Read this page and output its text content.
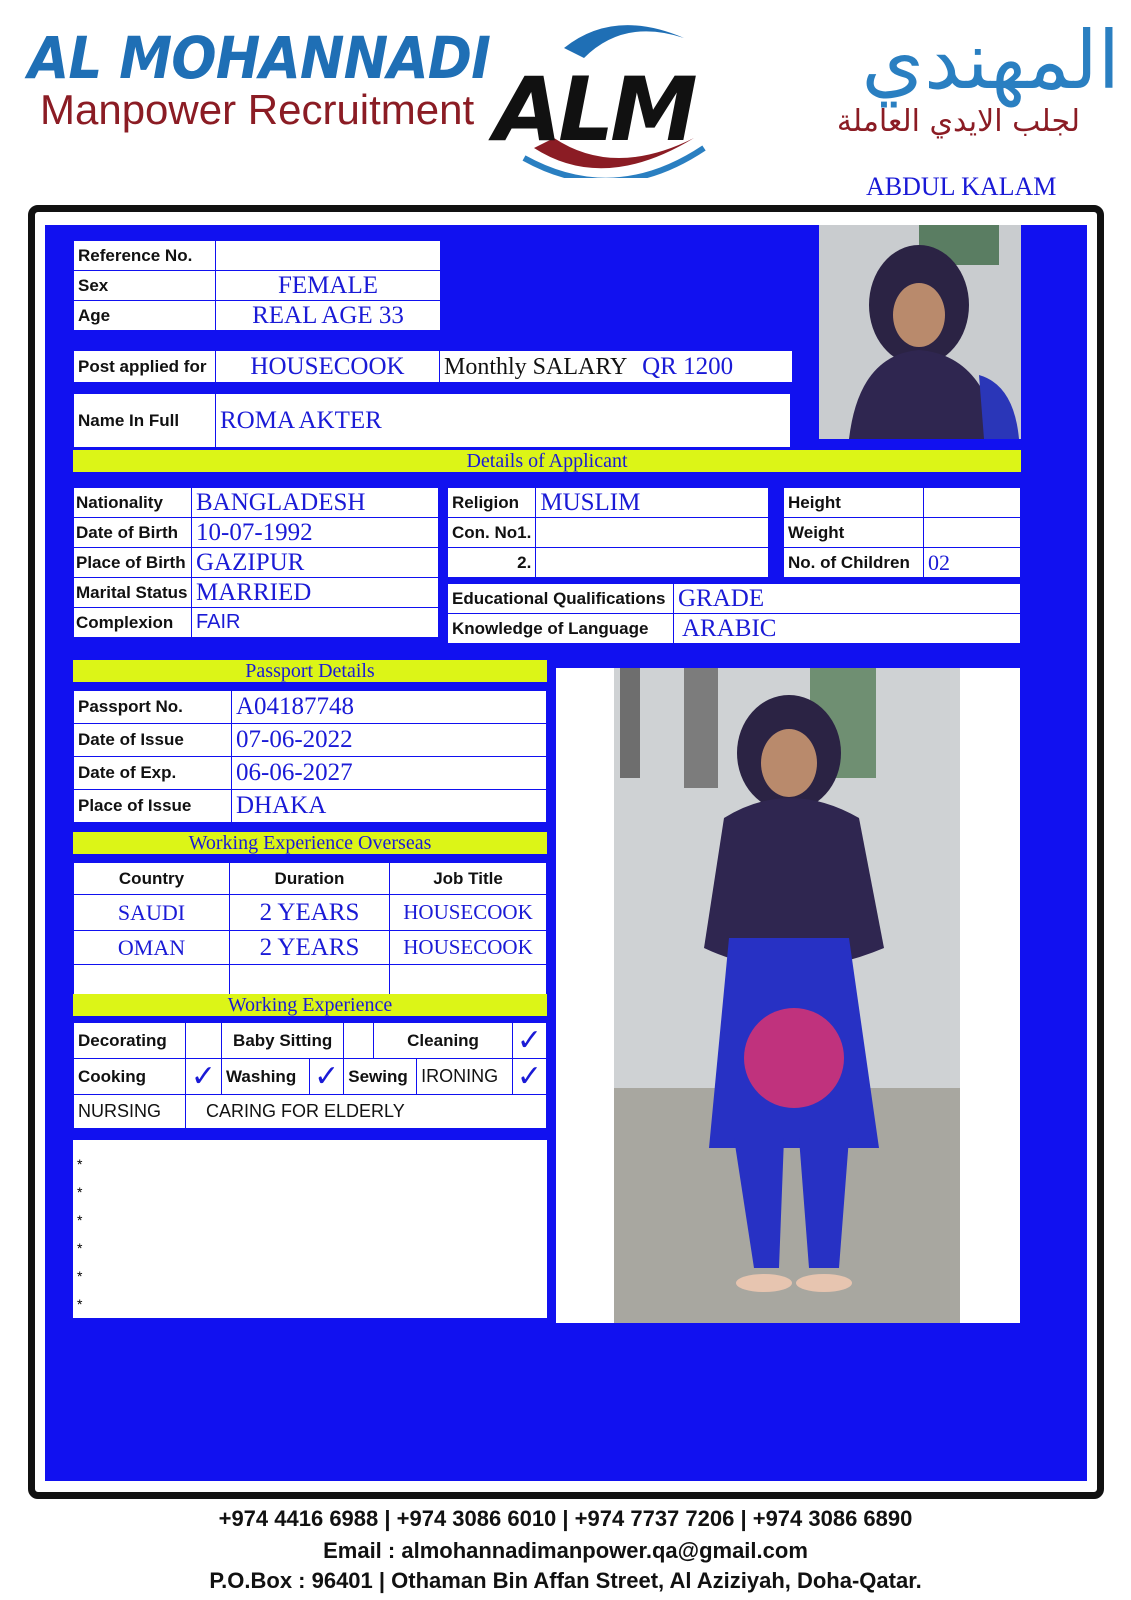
AL MOHANNADI
Manpower Recruitment ALM	المهندي
لجلب الايدي العاملة
ABDUL KALAM
Reference No.	
Sex	FEMALE
Age	REAL AGE 33
Post applied for	HOUSECOOK	Monthly SALARY QR 1200
Name In Full	ROMA AKTER
Details of Applicant
Nationality	BANGLADESH
Date of Birth	10-07-1992
Place of Birth	GAZIPUR
Marital Status	MARRIED
Complexion	FAIR
Religion	MUSLIM
Con. No1.	
2.	
Height	
Weight	
No. of Children	02
Educational Qualifications	GRADE
Knowledge of Language	ARABIC
Passport Details
Passport No.	A04187748
Date of Issue	07-06-2022
Date of Exp.	06-06-2027
Place of Issue	DHAKA
Working Experience Overseas
Country	Duration	Job Title
SAUDI	2 YEARS	HOUSECOOK
OMAN	2 YEARS	HOUSECOOK

Working Experience
Decorating		Baby Sitting			Cleaning		✓
Cooking	✓	Washing	✓	Sewing		IRONING	✓
NURSING	CARING FOR ELDERLY						
*
*
*
*
*
*
+974 4416 6988 | +974 3086 6010 | +974 7737 7206 | +974 3086 6890
Email : almohannadimanpower.qa@gmail.com
P.O.Box : 96401 | Othaman Bin Affan Street, Al Aziziyah, Doha-Qatar.
